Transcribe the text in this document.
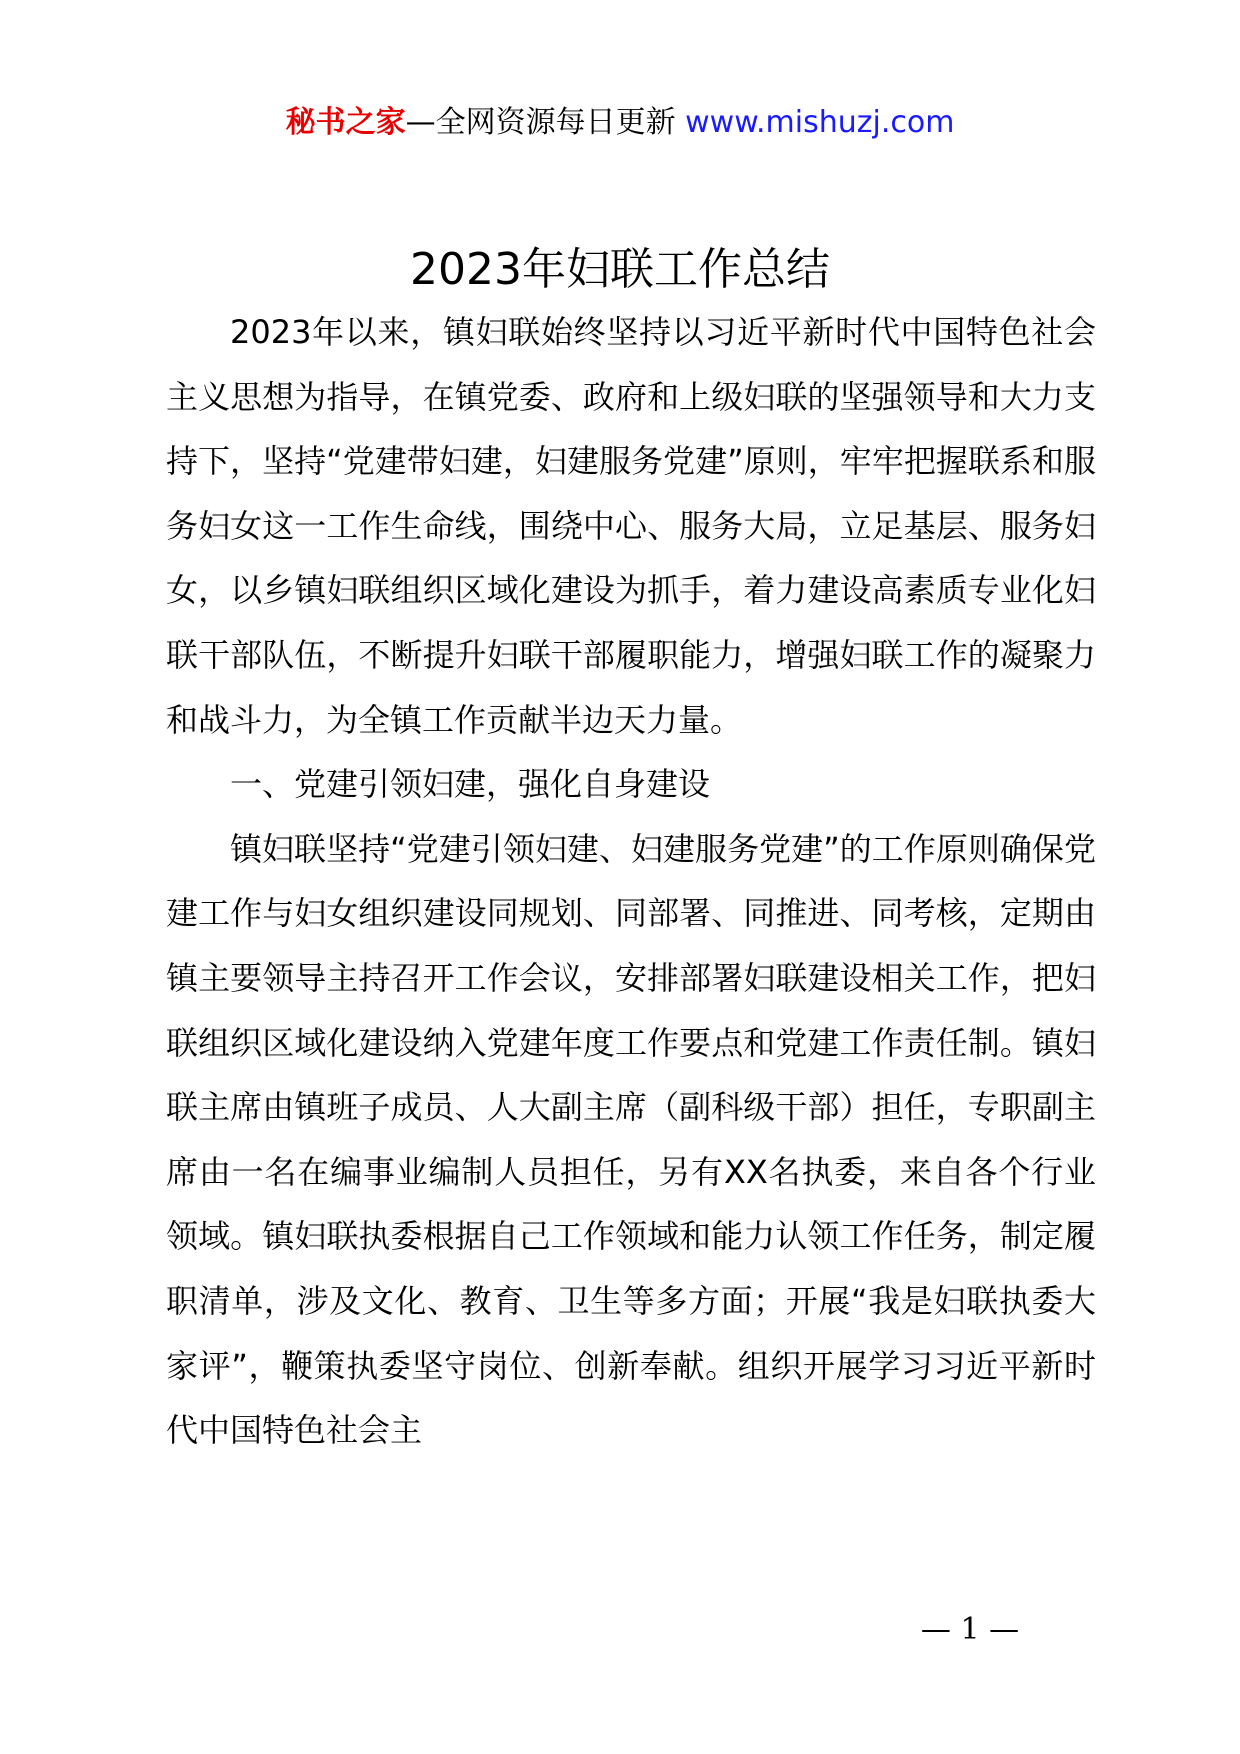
秘书之家—全网资源每日更新 www.mishuzj.com
2023年妇联工作总结

2023年以来，镇妇联始终坚持以习近平新时代中国特色社会主义思想为指导，在镇党委、政府和上级妇联的坚强领导和大力支持下，坚持“党建带妇建，妇建服务党建”原则，牢牢把握联系和服务妇女这一工作生命线，围绕中心、服务大局，立足基层、服务妇女，以乡镇妇联组织区域化建设为抓手，着力建设高素质专业化妇联干部队伍，不断提升妇联干部履职能力，增强妇联工作的凝聚力和战斗力，为全镇工作贡献半边天力量。

一、党建引领妇建，强化自身建设

镇妇联坚持“党建引领妇建、妇建服务党建”的工作原则确保党建工作与妇女组织建设同规划、同部署、同推进、同考核，定期由镇主要领导主持召开工作会议，安排部署妇联建设相关工作，把妇联组织区域化建设纳入党建年度工作要点和党建工作责任制。镇妇联主席由镇班子成员、人大副主席（副科级干部）担任，专职副主席由一名在编事业编制人员担任，另有XX名执委，来自各个行业领域。镇妇联执委根据自己工作领域和能力认领工作任务，制定履职清单，涉及文化、教育、卫生等多方面；开展“我是妇联执委大家评”，鞭策执委坚守岗位、创新奉献。组织开展学习习近平新时代中国特色社会主

— 1 —
